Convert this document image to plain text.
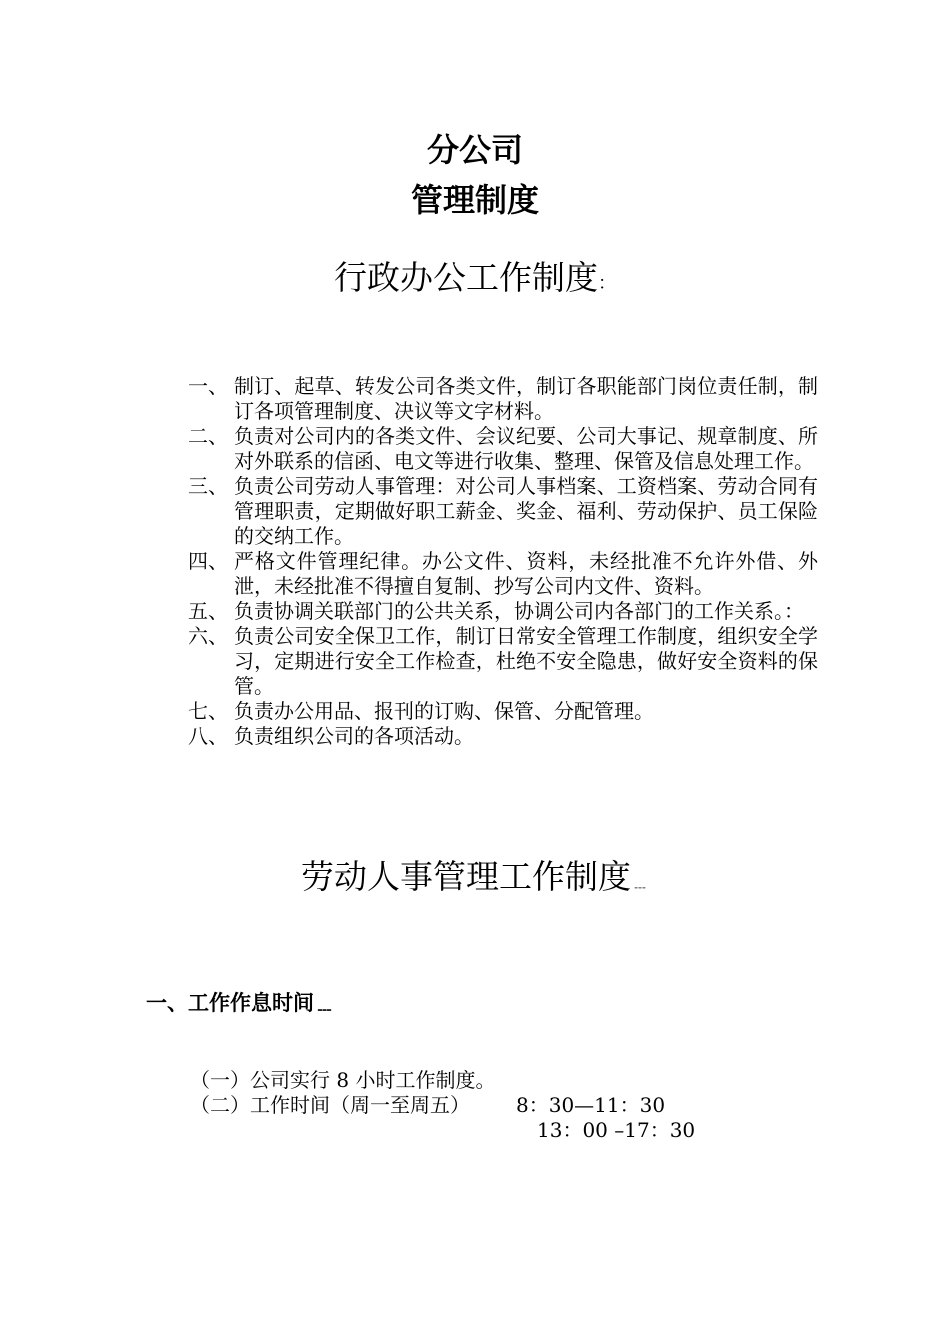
分公司
管理制度
行政办公工作制度：
一、 制订、起草、转发公司各类文件，制订各职能部门岗位责任制，制订各项管理制度、决议等文字材料。
二、 负责对公司内的各类文件、会议纪要、公司大事记、规章制度、所对外联系的信函、电文等进行收集、整理、保管及信息处理工作。
三、 负责公司劳动人事管理：对公司人事档案、工资档案、劳动合同有管理职责，定期做好职工薪金、奖金、福利、劳动保护、员工保险的交纳工作。
四、 严格文件管理纪律。办公文件、资料，未经批准不允许外借、外泄，未经批准不得擅自复制、抄写公司内文件、资料。
五、 负责协调关联部门的公共关系，协调公司内各部门的工作关系。：
六、 负责公司安全保卫工作，制订日常安全管理工作制度，组织安全学习，定期进行安全工作检查，杜绝不安全隐患，做好安全资料的保管。
七、 负责办公用品、报刊的订购、保管、分配管理。
八、 负责组织公司的各项活动。
劳动人事管理工作制度﹍
一、工作作息时间﹍
（一）公司实行 8 小时工作制度。
（二）工作时间（周一至周五） 8：30—11：30
13：00 –17：30
